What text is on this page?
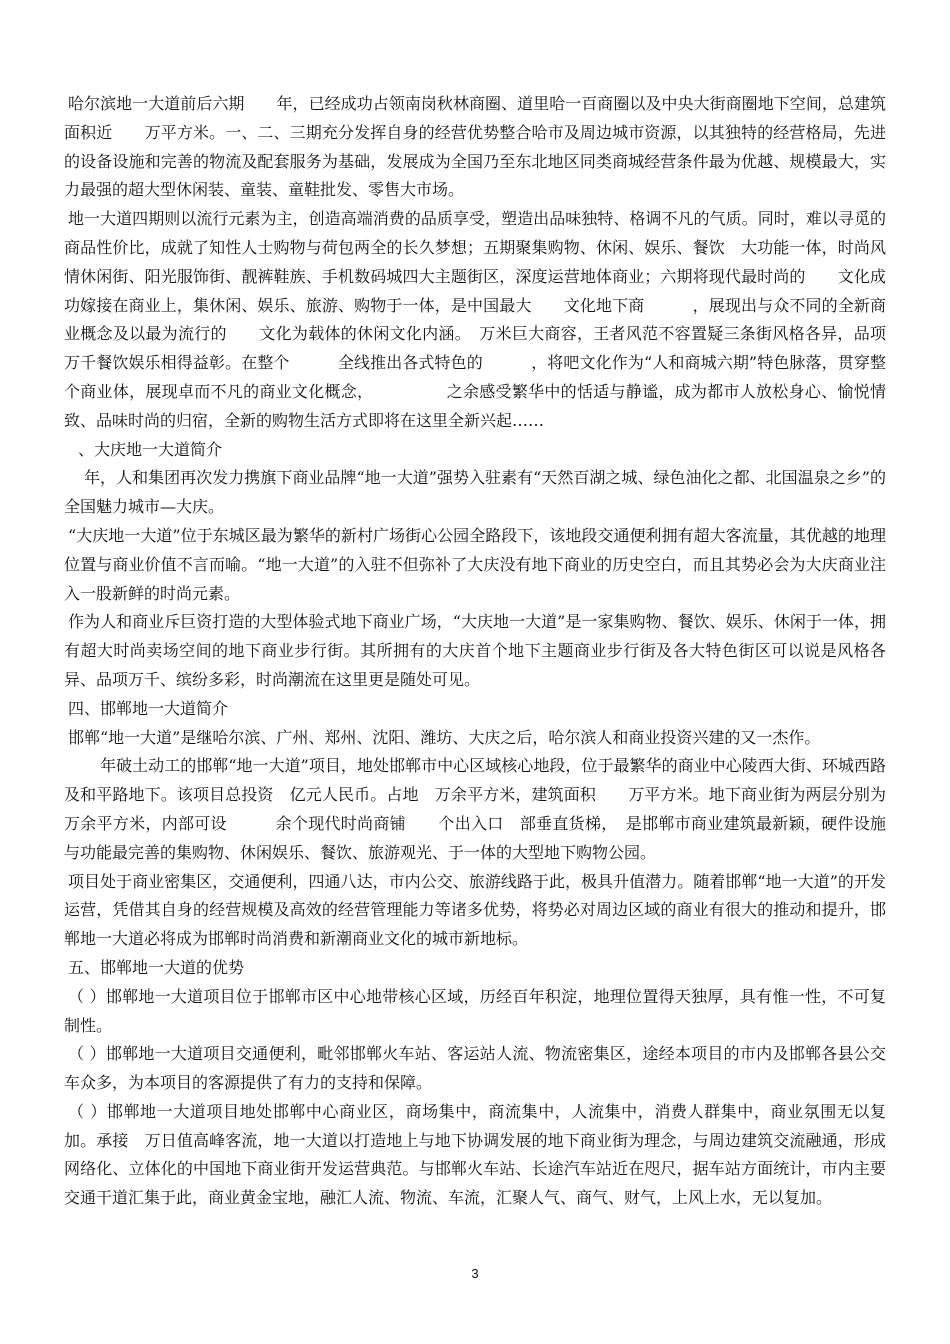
哈尔滨地一大道前后六期　　年，已经成功占领南岗秋林商圈、道里哈一百商圈以及中央大街商圈地下空间，总建筑面积近　　万平方米。一、二、三期充分发挥自身的经营优势整合哈市及周边城市资源，以其独特的经营格局，先进的设备设施和完善的物流及配套服务为基础，发展成为全国乃至东北地区同类商城经营条件最为优越、规模最大，实力最强的超大型休闲装、童装、童鞋批发、零售大市场。

地一大道四期则以流行元素为主，创造高端消费的品质享受，塑造出品味独特、格调不凡的气质。同时，难以寻觅的商品性价比，成就了知性人士购物与荷包两全的长久梦想；五期聚集购物、休闲、娱乐、餐饮　大功能一体，时尚风情休闲街、阳光服饰街、靓裤鞋族、手机数码城四大主题街区，深度运营地体商业；六期将现代最时尚的　　文化成功嫁接在商业上，集休闲、娱乐、旅游、购物于一体，是中国最大　　文化地下商　　　，展现出与众不同的全新商业概念及以最为流行的　　文化为载体的休闲文化内涵。　万米巨大商容，王者风范不容置疑三条街风格各异，品项万千餐饮娱乐相得益彰。在整个　　　全线推出各式特色的　　　，将吧文化作为“人和商城六期”特色脉落，贯穿整个商业体，展现卓而不凡的商业文化概念，　　　　　之余感受繁华中的恬适与静谧，成为都市人放松身心、愉悦情致、品味时尚的归宿，全新的购物生活方式即将在这里全新兴起……

、大庆地一大道简介

　年，人和集团再次发力携旗下商业品牌“地一大道”强势入驻素有“天然百湖之城、绿色油化之都、北国温泉之乡”的全国魅力城市—大庆。

“大庆地一大道”位于东城区最为繁华的新村广场街心公园全路段下，该地段交通便利拥有超大客流量，其优越的地理位置与商业价值不言而喻。“地一大道”的入驻不但弥补了大庆没有地下商业的历史空白，而且其势必会为大庆商业注入一股新鲜的时尚元素。

作为人和商业斥巨资打造的大型体验式地下商业广场，“大庆地一大道”是一家集购物、餐饮、娱乐、休闲于一体，拥有超大时尚卖场空间的地下商业步行街。其所拥有的大庆首个地下主题商业步行街及各大特色街区可以说是风格各异、品项万千、缤纷多彩，时尚潮流在这里更是随处可见。

四、邯郸地一大道简介

邯郸“地一大道”是继哈尔滨、广州、郑州、沈阳、潍坊、大庆之后，哈尔滨人和商业投资兴建的又一杰作。

　　年破土动工的邯郸“地一大道”项目，地处邯郸市中心区域核心地段，位于最繁华的商业中心陵西大街、环城西路及和平路地下。该项目总投资　亿元人民币。占地　万余平方米，建筑面积　　万平方米。地下商业街为两层分别为　万余平方米，内部可设　　　余个现代时尚商铺　　个出入口　部垂直货梯，　是邯郸市商业建筑最新颖，硬件设施与功能最完善的集购物、休闲娱乐、餐饮、旅游观光、于一体的大型地下购物公园。

项目处于商业密集区，交通便利，四通八达，市内公交、旅游线路于此，极具升值潜力。随着邯郸“地一大道”的开发运营，凭借其自身的经营规模及高效的经营管理能力等诸多优势，将势必对周边区域的商业有很大的推动和提升，邯郸地一大道必将成为邯郸时尚消费和新潮商业文化的城市新地标。

五、邯郸地一大道的优势

（ ）邯郸地一大道项目位于邯郸市区中心地带核心区域，历经百年积淀，地理位置得天独厚，具有惟一性，不可复制性。

（ ）邯郸地一大道项目交通便利，毗邻邯郸火车站、客运站人流、物流密集区，途经本项目的市内及邯郸各县公交车众多，为本项目的客源提供了有力的支持和保障。

（ ）邯郸地一大道项目地处邯郸中心商业区，商场集中，商流集中，人流集中，消费人群集中，商业氛围无以复加。承接　万日值高峰客流，地一大道以打造地上与地下协调发展的地下商业街为理念，与周边建筑交流融通，形成网络化、立体化的中国地下商业街开发运营典范。与邯郸火车站、长途汽车站近在咫尺，据车站方面统计，市内主要交通干道汇集于此，商业黄金宝地，融汇人流、物流、车流，汇聚人气、商气、财气，上风上水，无以复加。

3
